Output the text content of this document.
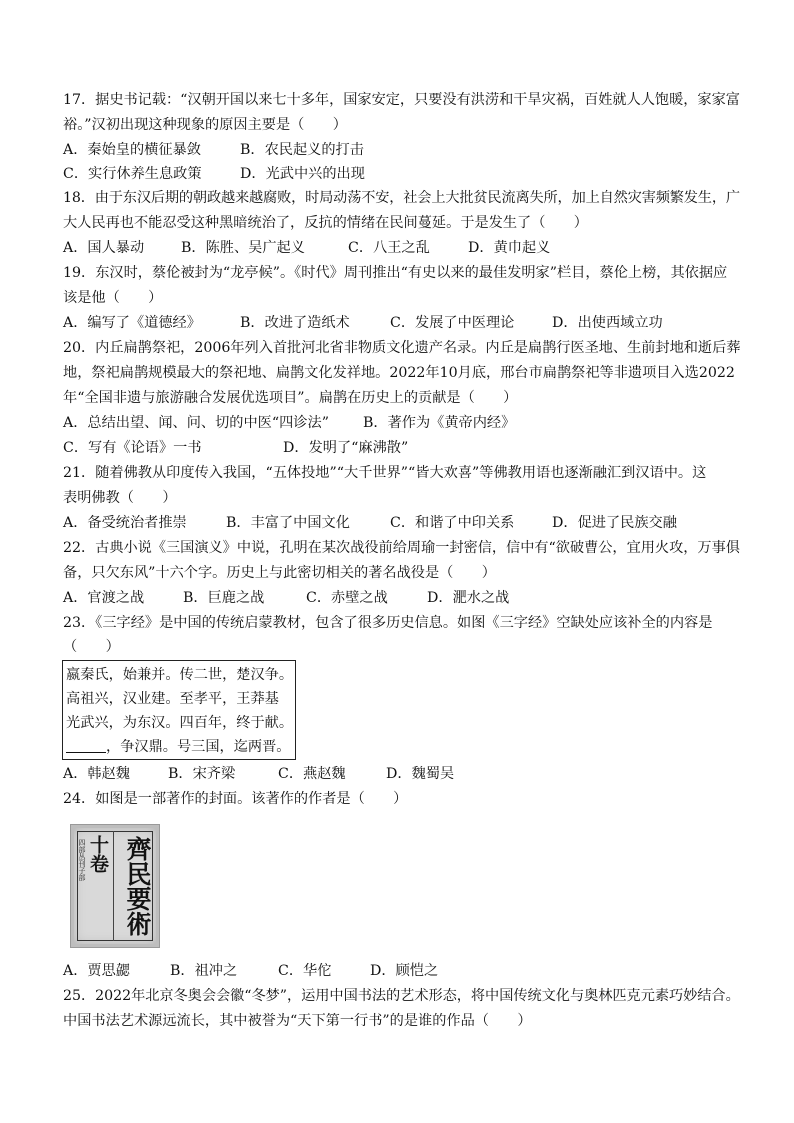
17．据史书记载：“汉朝开国以来七十多年，国家安定，只要没有洪涝和干旱灾祸，百姓就人人饱暖，家家富
裕。”汉初出现这种现象的原因主要是（　　）
A．秦始皇的横征暴敛	B．农民起义的打击
C．实行休养生息政策	D．光武中兴的出现
18．由于东汉后期的朝政越来越腐败，时局动荡不安，社会上大批贫民流离失所，加上自然灾害频繁发生，广
大人民再也不能忍受这种黑暗统治了，反抗的情绪在民间蔓延。于是发生了（　　）
A．国人暴动	B．陈胜、吴广起义	C．八王之乱	D．黄巾起义
19．东汉时，蔡伦被封为“龙亭候”。《时代》周刊推出“有史以来的最佳发明家”栏目，蔡伦上榜，其依据应
该是他（　　）
A．编写了《道德经》	B．改进了造纸术	C．发展了中医理论	D．出使西域立功
20．内丘扁鹊祭祀，2006年列入首批河北省非物质文化遗产名录。内丘是扁鹊行医圣地、生前封地和逝后葬
地，祭祀扁鹊规模最大的祭祀地、扁鹊文化发祥地。2022年10月底，邢台市扁鹊祭祀等非遗项目入选2022
年“全国非遗与旅游融合发展优选项目”。扁鹊在历史上的贡献是（　　）
A．总结出望、闻、问、切的中医“四诊法” B．著作为《黄帝内经》
C．写有《论语》一书	D．发明了“麻沸散”
21．随着佛教从印度传入我国，“五体投地”“大千世界”“皆大欢喜”等佛教用语也逐渐融汇到汉语中。这
表明佛教（　　）
A．备受统治者推崇	B．丰富了中国文化	C．和谐了中印关系	D．促进了民族交融
22．古典小说《三国演义》中说，孔明在某次战役前给周瑜一封密信，信中有“欲破曹公，宜用火攻，万事俱
备，只欠东风”十六个字。历史上与此密切相关的著名战役是（　　）
A．官渡之战	B．巨鹿之战	C．赤壁之战	D．淝水之战
23．《三字经》是中国的传统启蒙教材，包含了很多历史信息。如图《三字经》空缺处应该补全的内容是
（　　）
嬴秦氏，始兼并。传二世，楚汉争。
高祖兴，汉业建。至孝平，王莽基
光武兴，为东汉。四百年，终于献。
，争汉鼎。号三国，迄两晋。
A．韩赵魏	B．宋齐梁	C．燕赵魏	D．魏蜀吴
24．如图是一部著作的封面。该著作的作者是（　　）
四部丛刊子部 十卷 齊民要術
A．贾思勰	B．祖冲之	C．华佗	D．顾恺之
25．2022年北京冬奥会会徽“冬梦”，运用中国书法的艺术形态，将中国传统文化与奥林匹克元素巧妙结合。
中国书法艺术源远流长，其中被誉为“天下第一行书”的是谁的作品（　　）
